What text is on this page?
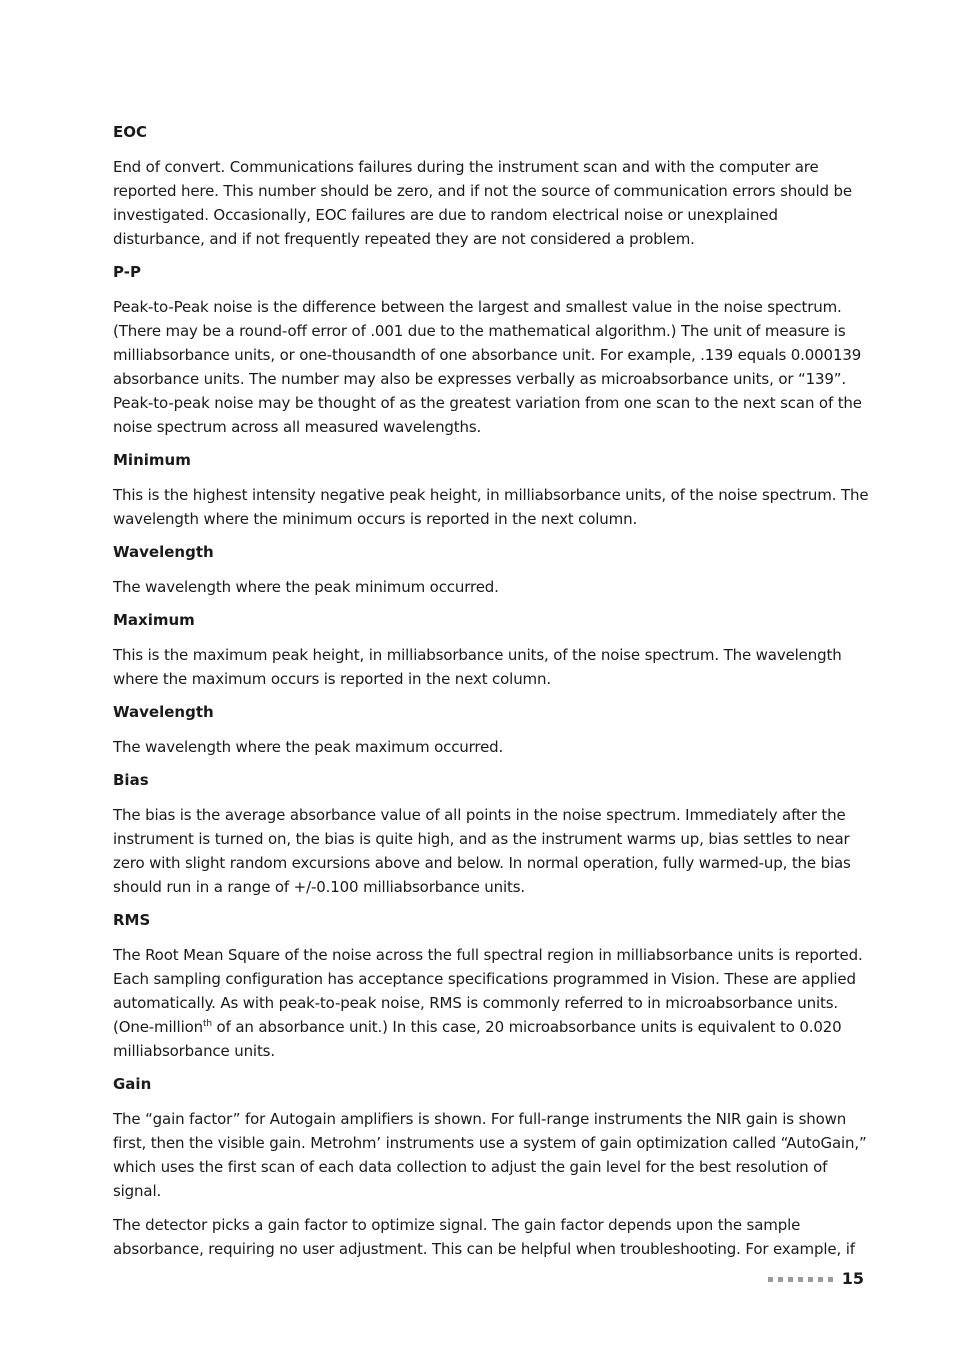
EOC

End of convert. Communications failures during the instrument scan and with the computer are reported here. This number should be zero, and if not the source of communication errors should be investigated. Occasionally, EOC failures are due to random electrical noise or unexplained disturbance, and if not frequently repeated they are not considered a problem.

P-P

Peak-to-Peak noise is the difference between the largest and smallest value in the noise spectrum. (There may be a round-off error of .001 due to the mathematical algorithm.) The unit of measure is milliabsorbance units, or one-thousandth of one absorbance unit. For example, .139 equals 0.000139 absorbance units. The number may also be expresses verbally as microabsorbance units, or “139”. Peak-to-peak noise may be thought of as the greatest variation from one scan to the next scan of the noise spectrum across all measured wavelengths.

Minimum

This is the highest intensity negative peak height, in milliabsorbance units, of the noise spectrum. The wavelength where the minimum occurs is reported in the next column.

Wavelength

The wavelength where the peak minimum occurred.

Maximum

This is the maximum peak height, in milliabsorbance units, of the noise spectrum. The wavelength where the maximum occurs is reported in the next column.

Wavelength

The wavelength where the peak maximum occurred.

Bias

The bias is the average absorbance value of all points in the noise spectrum. Immediately after the instrument is turned on, the bias is quite high, and as the instrument warms up, bias settles to near zero with slight random excursions above and below. In normal operation, fully warmed-up, the bias should run in a range of +/-0.100 milliabsorbance units.

RMS

The Root Mean Square of the noise across the full spectral region in milliabsorbance units is reported. Each sampling configuration has acceptance specifications programmed in Vision. These are applied automatically. As with peak-to-peak noise, RMS is commonly referred to in microabsorbance units. (One-million$^{th}$ of an absorbance unit.) In this case, 20 microabsorbance units is equivalent to 0.020 milliabsorbance units.

Gain

The “gain factor” for Autogain amplifiers is shown. For full-range instruments the NIR gain is shown first, then the visible gain. Metrohm’ instruments use a system of gain optimization called “AutoGain,” which uses the first scan of each data collection to adjust the gain level for the best resolution of signal.

The detector picks a gain factor to optimize signal. The gain factor depends upon the sample absorbance, requiring no user adjustment. This can be helpful when troubleshooting. For example, if

15
